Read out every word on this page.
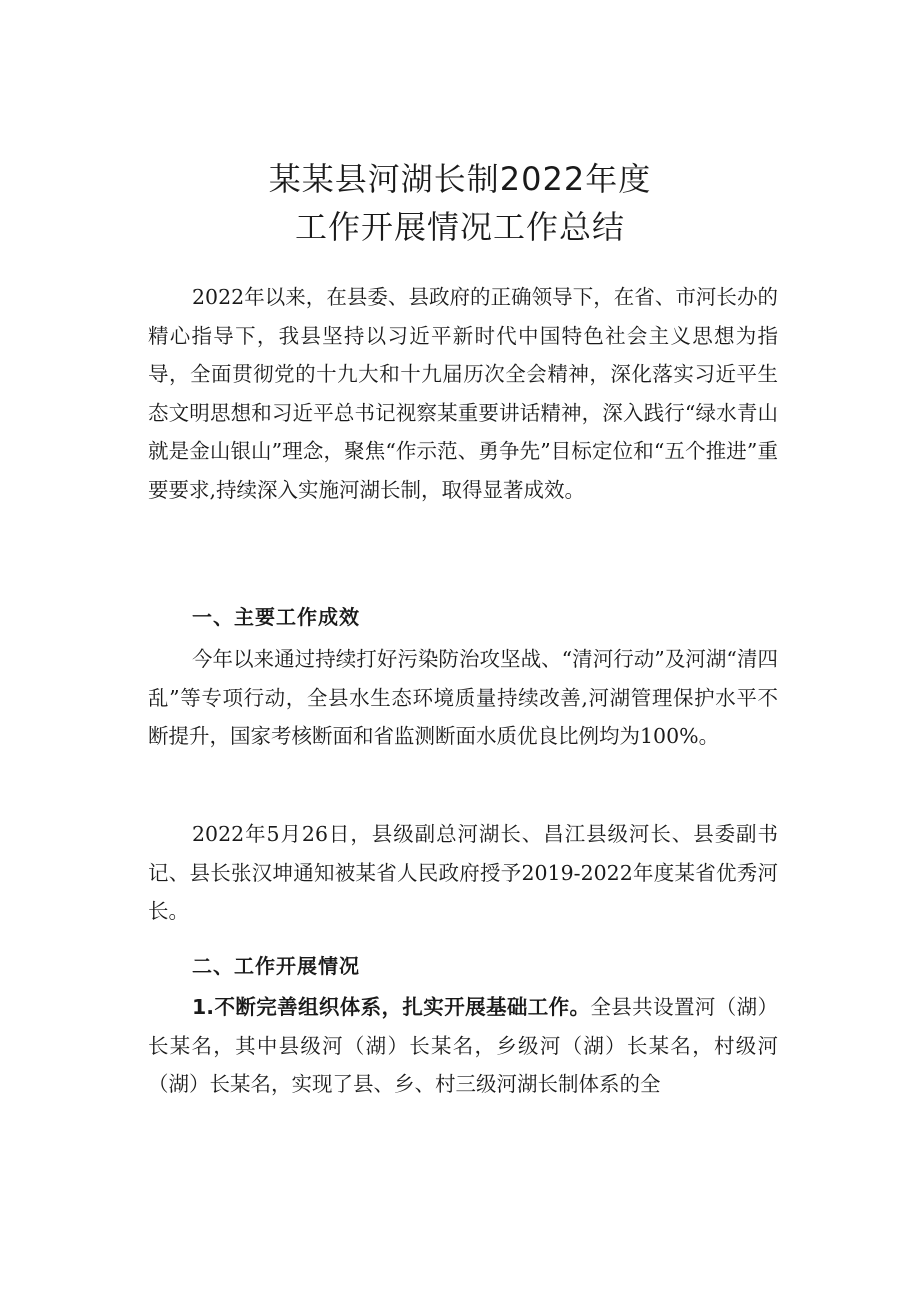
某某县河湖长制2022年度
工作开展情况工作总结

2022年以来，在县委、县政府的正确领导下，在省、市河长办的精心指导下，我县坚持以习近平新时代中国特色社会主义思想为指导，全面贯彻党的十九大和十九届历次全会精神，深化落实习近平生态文明思想和习近平总书记视察某重要讲话精神，深入践行“绿水青山就是金山银山”理念，聚焦“作示范、勇争先”目标定位和“五个推进”重要要求,持续深入实施河湖长制，取得显著成效。

一、主要工作成效

今年以来通过持续打好污染防治攻坚战、“清河行动”及河湖“清四乱”等专项行动，全县水生态环境质量持续改善,河湖管理保护水平不断提升，国家考核断面和省监测断面水质优良比例均为100%。

2022年5月26日，县级副总河湖长、昌江县级河长、县委副书记、县长张汉坤通知被某省人民政府授予2019-2022年度某省优秀河长。

二、工作开展情况

1.不断完善组织体系，扎实开展基础工作。全县共设置河（湖）长某名，其中县级河（湖）长某名，乡级河（湖）长某名，村级河（湖）长某名，实现了县、乡、村三级河湖长制体系的全
